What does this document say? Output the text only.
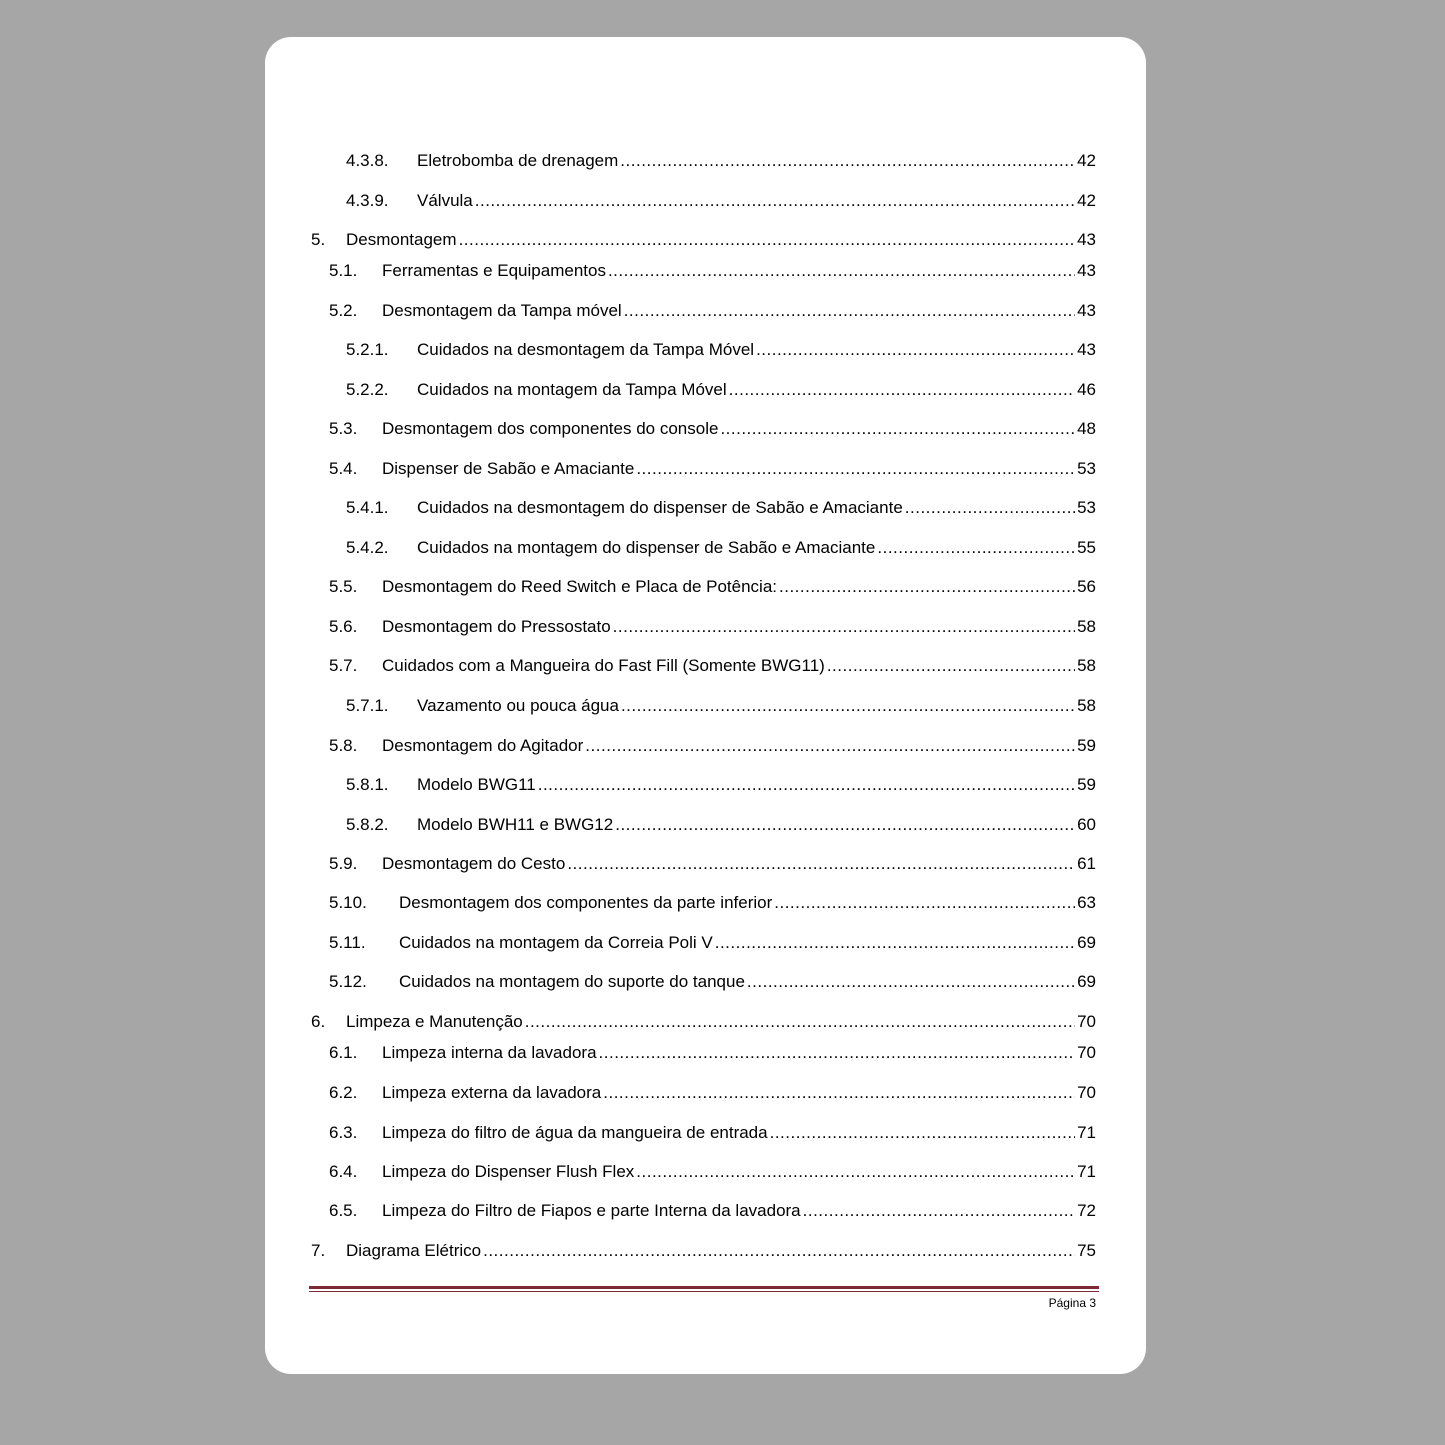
4.3.8. Eletrobomba de drenagem .....	42
4.3.9. Válvula .....	42
5. Desmontagem .....	43
5.1. Ferramentas e Equipamentos .....	43
5.2. Desmontagem da Tampa móvel .....	43
5.2.1. Cuidados na desmontagem da Tampa Móvel .....	43
5.2.2. Cuidados na montagem da Tampa Móvel .....	46
5.3. Desmontagem dos componentes do console .....	48
5.4. Dispenser de Sabão e Amaciante .....	53
5.4.1. Cuidados na desmontagem do dispenser de Sabão e Amaciante .....	53
5.4.2. Cuidados na montagem do dispenser de Sabão e Amaciante .....	55
5.5. Desmontagem do Reed Switch e Placa de Potência: .....	56
5.6. Desmontagem do Pressostato .....	58
5.7. Cuidados com a Mangueira do Fast Fill (Somente BWG11) .....	58
5.7.1. Vazamento ou pouca água .....	58
5.8. Desmontagem do Agitador .....	59
5.8.1. Modelo BWG11 .....	59
5.8.2. Modelo BWH11 e BWG12 .....	60
5.9. Desmontagem do Cesto .....	61
5.10. Desmontagem dos componentes da parte inferior .....	63
5.11. Cuidados na montagem da Correia Poli V .....	69
5.12. Cuidados na montagem do suporte do tanque .....	69
6. Limpeza e Manutenção .....	70
6.1. Limpeza interna da lavadora .....	70
6.2. Limpeza externa da lavadora .....	70
6.3. Limpeza do filtro de água da mangueira de entrada .....	71
6.4. Limpeza do Dispenser Flush Flex .....	71
6.5. Limpeza do Filtro de Fiapos e parte Interna da lavadora .....	72
7. Diagrama Elétrico .....	75
Página 3
